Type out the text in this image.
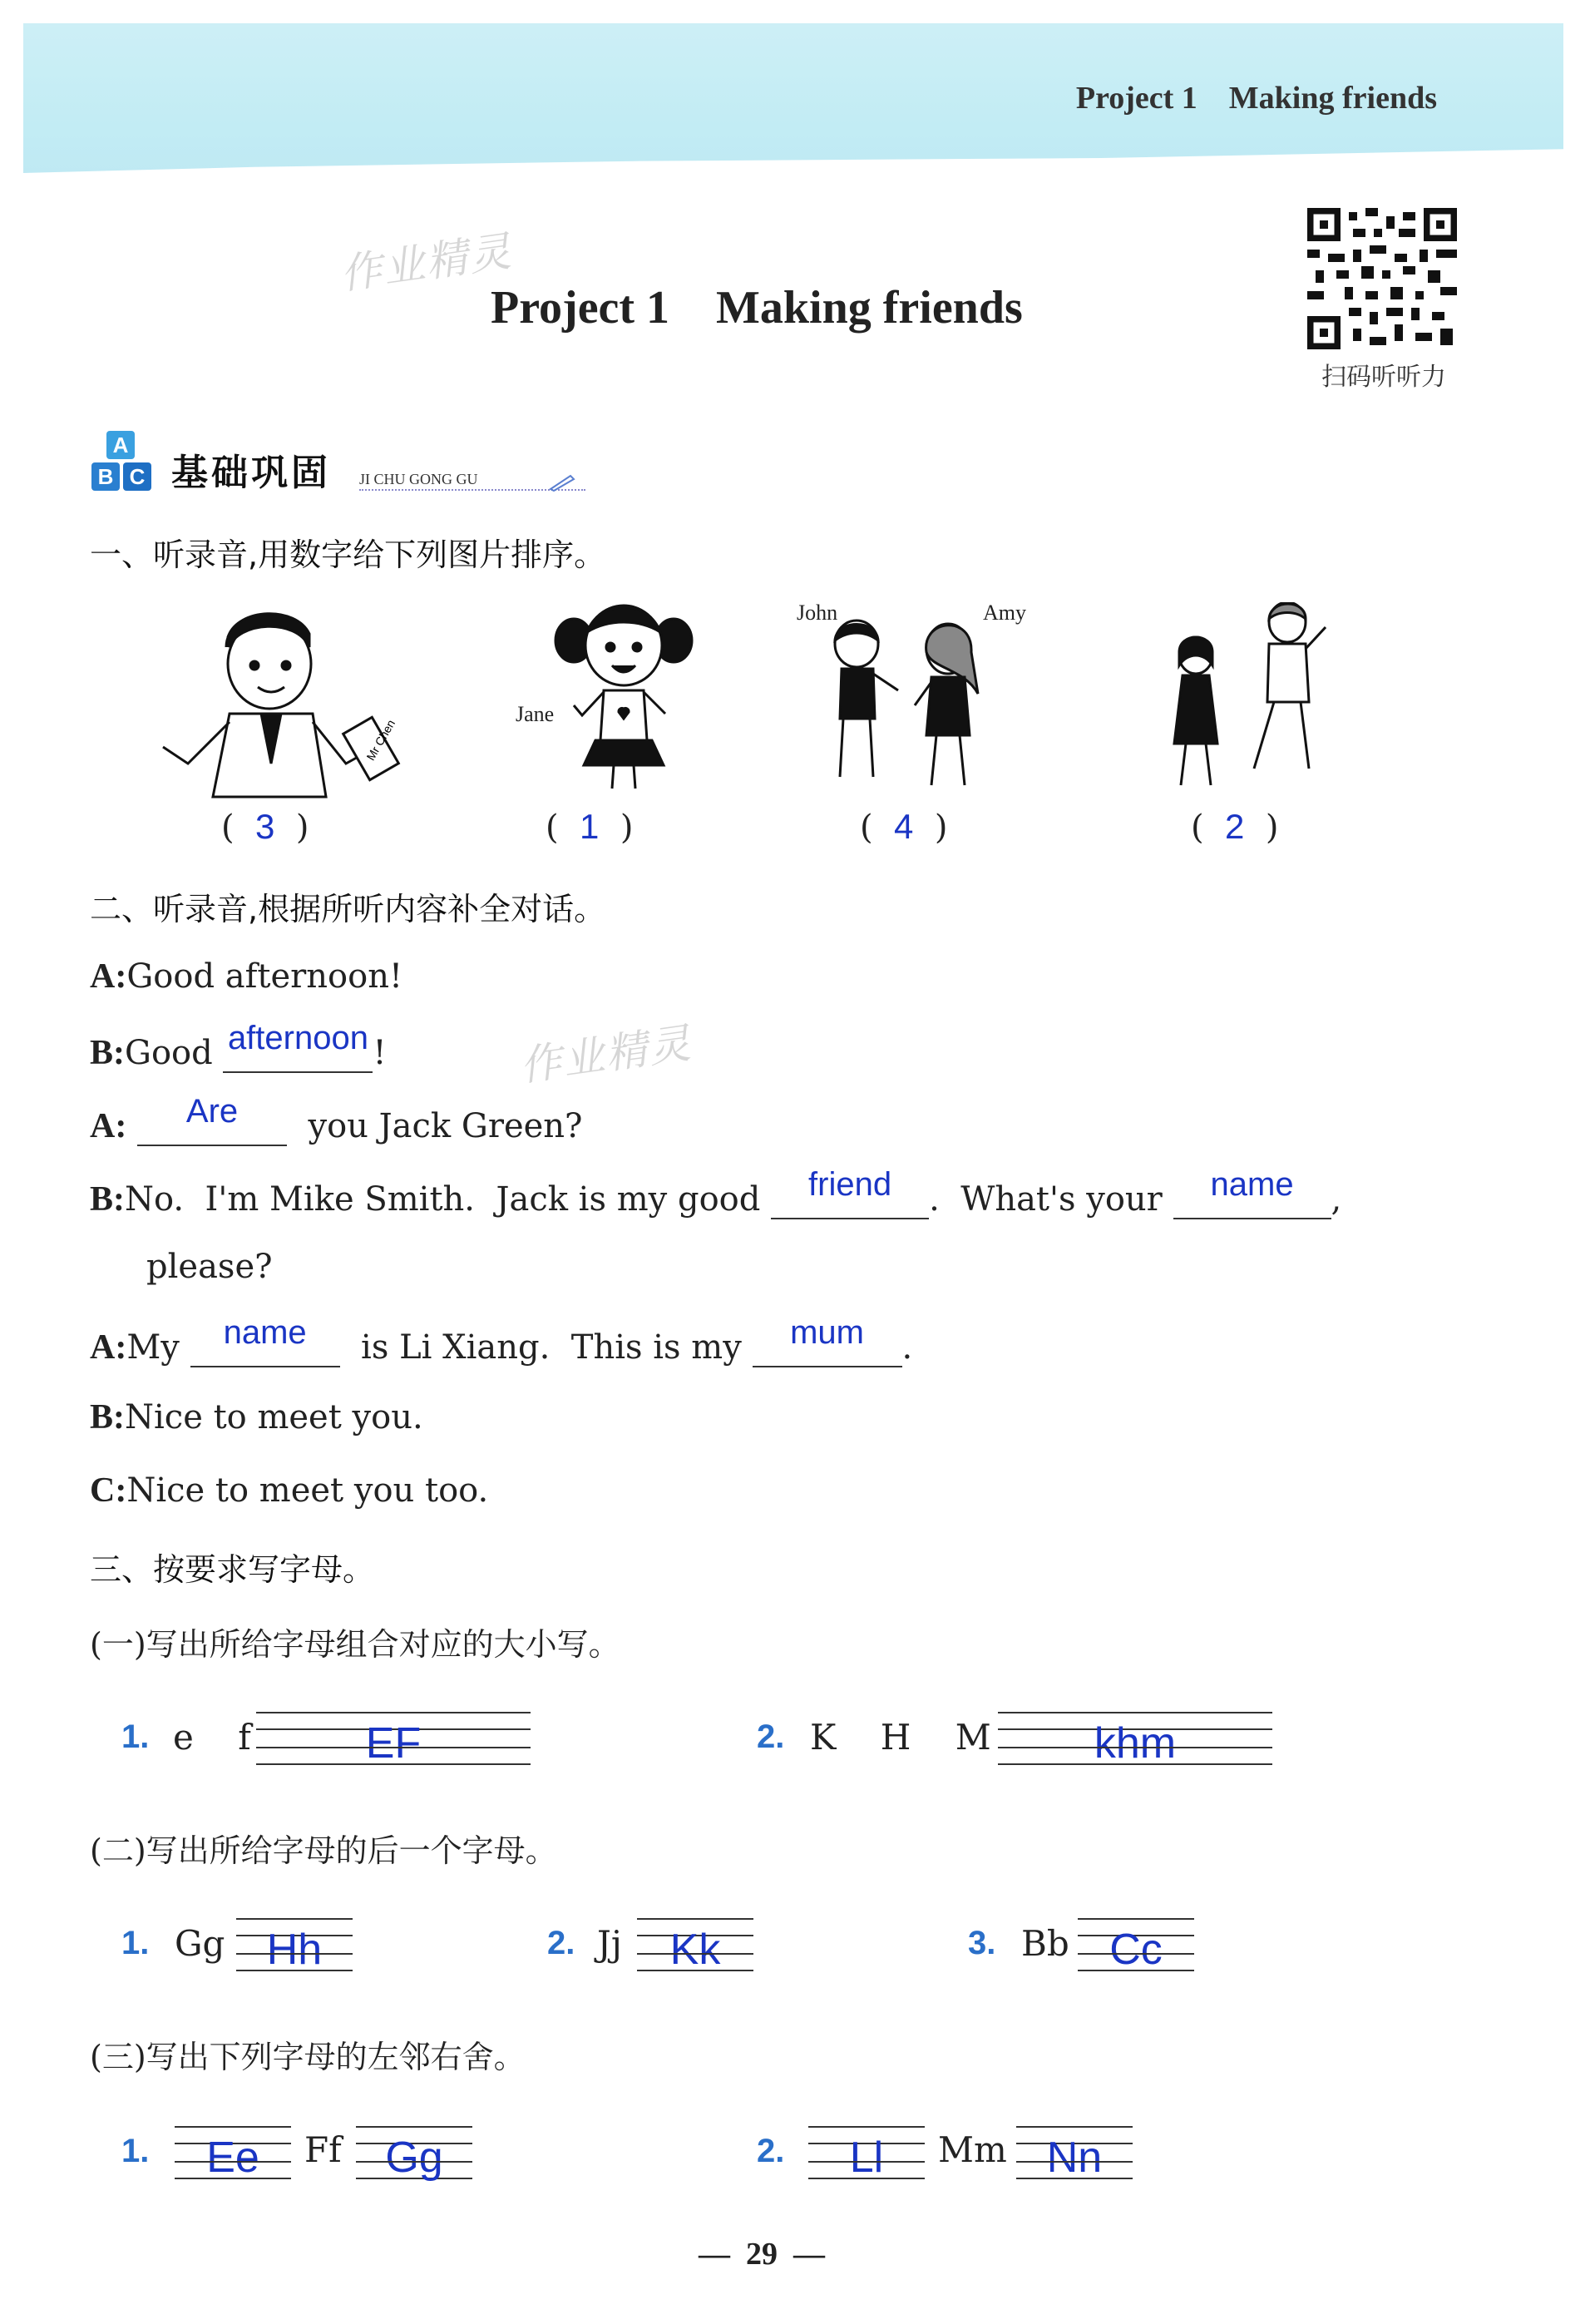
Project 1    Making friends
作业精灵
作业精灵
Project 1    Making friends
扫码听听力
A
B C 基础巩固 JI CHU GONG GU
一、听录音,用数字给下列图片排序。
Mr Chen
(  3  )
Jane
(  1  )
John	Amy
(  4  )	(  2  )
二、听录音,根据所听内容补全对话。
A:Good afternoon!
B:Good afternoon !
A:	Are	you Jack Green?
B:No.  I'm Mike Smith.  Jack is my good	friend	.  What's your	name	,
please?
A:My	name	is Li Xiang.  This is my	mum	.
B:Nice to meet you.
C:Nice to meet you too.
三、按要求写字母。
(一)写出所给字母组合对应的大小写。
1. e    f	EF	2. K    H    M	khm
(二)写出所给字母的后一个字母。
1. Gg Hh	2. Jj	Kk	3. Bb Cc
(三)写出下列字母的左邻右舍。
1.	Ee	Ff	Gg	2.	Ll	Mm Nn
—  29  —
